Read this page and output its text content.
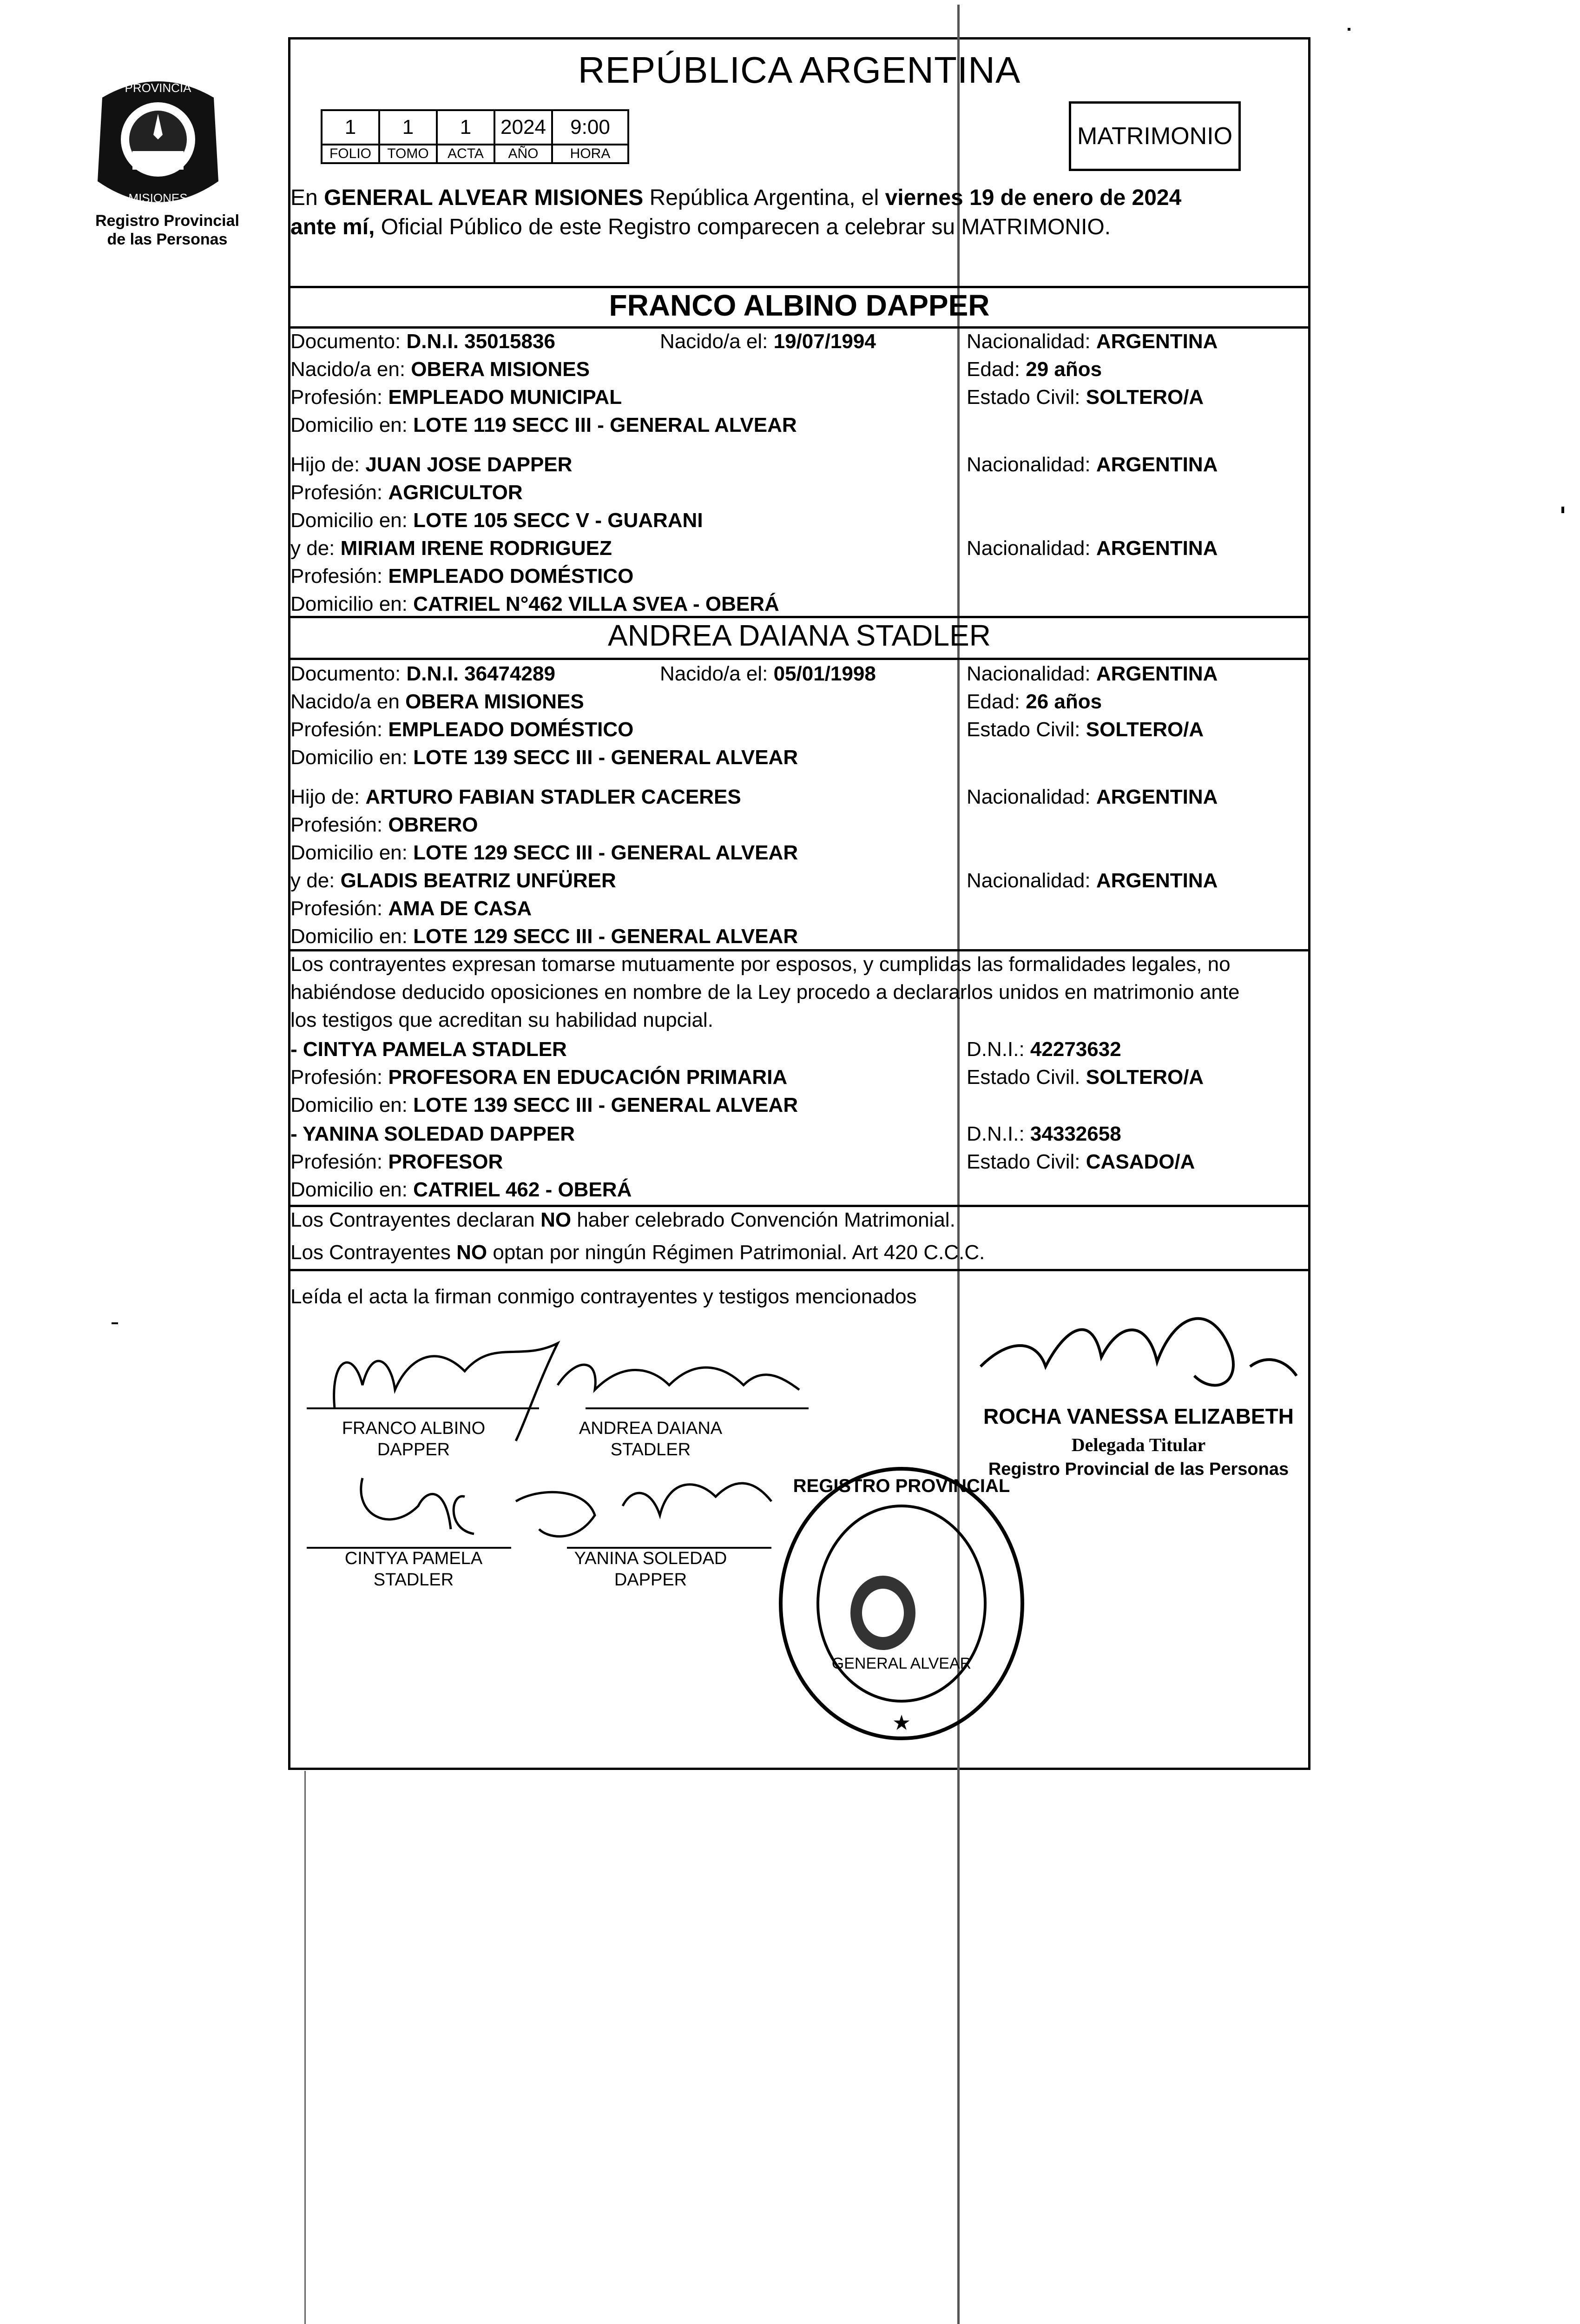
PROVINCIA
MISIONES
Registro Provincial
de las Personas
REPÚBLICA ARGENTINA
1	1	1	2024	9:00
FOLIO	TOMO	ACTA	AÑO	HORA
MATRIMONIO
En GENERAL ALVEAR MISIONES República Argentina, el viernes 19 de enero de 2024
ante mí, Oficial Público de este Registro comparecen a celebrar su MATRIMONIO.
FRANCO ALBINO DAPPER
Documento: D.N.I. 35015836	Nacido/a el: 19/07/1994
Nacido/a en: OBERA MISIONES
Profesión: EMPLEADO MUNICIPAL
Domicilio en: LOTE 119 SECC III - GENERAL ALVEAR
Nacionalidad: ARGENTINA
Edad: 29 años
Estado Civil: SOLTERO/A
Hijo de: JUAN JOSE DAPPER
Profesión: AGRICULTOR
Domicilio en: LOTE 105 SECC V - GUARANI
Nacionalidad: ARGENTINA
y de: MIRIAM IRENE RODRIGUEZ
Profesión: EMPLEADO DOMÉSTICO
Domicilio en: CATRIEL N°462 VILLA SVEA - OBERÁ
Nacionalidad: ARGENTINA
ANDREA DAIANA STADLER
Documento: D.N.I. 36474289	Nacido/a el: 05/01/1998
Nacido/a en OBERA MISIONES
Profesión: EMPLEADO DOMÉSTICO
Domicilio en: LOTE 139 SECC III - GENERAL ALVEAR
Nacionalidad: ARGENTINA
Edad: 26 años
Estado Civil: SOLTERO/A
Hijo de: ARTURO FABIAN STADLER CACERES
Profesión: OBRERO
Domicilio en: LOTE 129 SECC III - GENERAL ALVEAR
Nacionalidad: ARGENTINA
y de: GLADIS BEATRIZ UNFÜRER
Profesión: AMA DE CASA
Domicilio en: LOTE 129 SECC III - GENERAL ALVEAR
Nacionalidad: ARGENTINA
Los contrayentes expresan tomarse mutuamente por esposos, y cumplidas las formalidades legales, no
habiéndose deducido oposiciones en nombre de la Ley procedo a declararlos unidos en matrimonio ante
los testigos que acreditan su habilidad nupcial.
- CINTYA PAMELA STADLER
Profesión: PROFESORA EN EDUCACIÓN PRIMARIA
Domicilio en: LOTE 139 SECC III - GENERAL ALVEAR
D.N.I.: 42273632
Estado Civil. SOLTERO/A
- YANINA SOLEDAD DAPPER
Profesión: PROFESOR
Domicilio en: CATRIEL 462 - OBERÁ
D.N.I.: 34332658
Estado Civil: CASADO/A
Los Contrayentes declaran NO haber celebrado Convención Matrimonial.
Los Contrayentes NO optan por ningún Régimen Patrimonial. Art 420 C.C.C.
Leída el acta la firman conmigo contrayentes y testigos mencionados
FRANCO ALBINO
DAPPER
ANDREA DAIANA
STADLER
CINTYA PAMELA
STADLER
YANINA SOLEDAD
DAPPER
ROCHA VANESSA ELIZABETH
Delegada Titular
Registro Provincial de las Personas
REGISTRO PROVINCIAL
★
GENERAL ALVEAR
